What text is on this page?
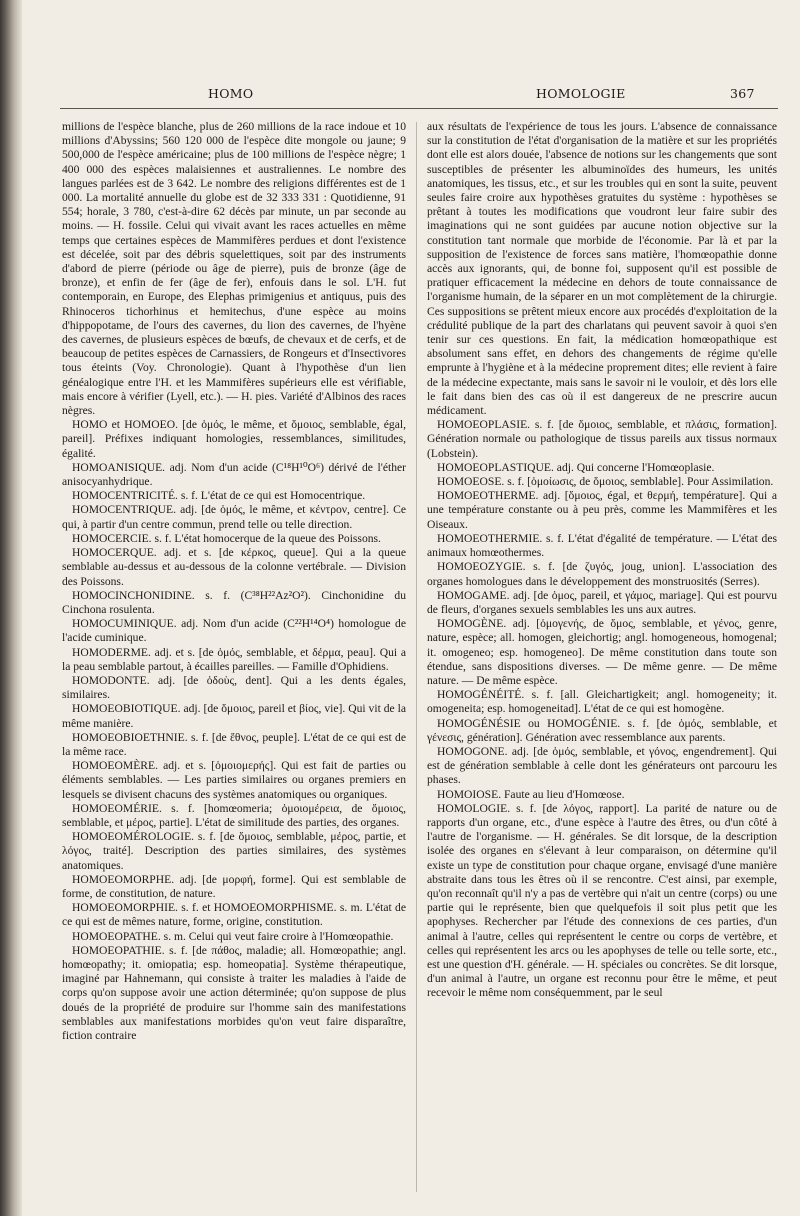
HOMO	HOMOLOGIE	367

millions de l'espèce blanche, plus de 260 millions de la race indoue et 10 millions d'Abyssins; 560 120 000 de l'espèce dite mongole ou jaune; 9 500,000 de l'espèce américaine; plus de 100 millions de l'espèce nègre; 1 400 000 des espèces malaisiennes et australiennes. Le nombre des langues parlées est de 3 642. Le nombre des religions différentes est de 1 000. La mortalité annuelle du globe est de 32 333 331 : Quotidienne, 91 554; horale, 3 780, c'est-à-dire 62 décès par minute, un par seconde au moins. — H. fossile. Celui qui vivait avant les races actuelles en même temps que certaines espèces de Mammifères perdues et dont l'existence est décelée, soit par des débris squelettiques, soit par des instruments d'abord de pierre (période ou âge de pierre), puis de bronze (âge de bronze), et enfin de fer (âge de fer), enfouis dans le sol. L'H. fut contemporain, en Europe, des Elephas primigenius et antiquus, puis des Rhinoceros tichorhinus et hemitechus, d'une espèce au moins d'hippopotame, de l'ours des cavernes, du lion des cavernes, de l'hyène des cavernes, de plusieurs espèces de bœufs, de chevaux et de cerfs, et de beaucoup de petites espèces de Carnassiers, de Rongeurs et d'Insectivores tous éteints (Voy. Chronologie). Quant à l'hypothèse d'un lien généalogique entre l'H. et les Mammifères supérieurs elle est vérifiable, mais encore à vérifier (Lyell, etc.). — H. pies. Variété d'Albinos des races nègres.

HOMO et HOMOEO. [de ὁμός, le même, et ὅμοιος, semblable, égal, pareil]. Préfixes indiquant homologies, ressemblances, similitudes, égalité.

HOMOANISIQUE. adj. Nom d'un acide (C¹⁸H¹⁰O⁶) dérivé de l'éther anisocyanhydrique.

HOMOCENTRICITÉ. s. f. L'état de ce qui est Homocentrique.

HOMOCENTRIQUE. adj. [de ὁμός, le même, et κέντρον, centre]. Ce qui, à partir d'un centre commun, prend telle ou telle direction.

HOMOCERCIE. s. f. L'état homocerque de la queue des Poissons.

HOMOCERQUE. adj. et s. [de κέρκος, queue]. Qui a la queue semblable au-dessus et au-dessous de la colonne vertébrale. — Division des Poissons.

HOMOCINCHONIDINE. s. f. (C³⁸H²²Az²O²). Cinchonidine du Cinchona rosulenta.

HOMOCUMINIQUE. adj. Nom d'un acide (C²²H¹⁴O⁴) homologue de l'acide cuminique.

HOMODERME. adj. et s. [de ὁμός, semblable, et δέρμα, peau]. Qui a la peau semblable partout, à écailles pareilles. — Famille d'Ophidiens.

HOMODONTE. adj. [de ὀδοὺς, dent]. Qui a les dents égales, similaires.

HOMOEOBIOTIQUE. adj. [de ὅμοιος, pareil et βίος, vie]. Qui vit de la même manière.

HOMOEOBIOETHNIE. s. f. [de ἔθνος, peuple]. L'état de ce qui est de la même race.

HOMOEOMÈRE. adj. et s. [ὁμοιομερής]. Qui est fait de parties ou éléments semblables. — Les parties similaires ou organes premiers en lesquels se divisent chacuns des systèmes anatomiques ou organiques.

HOMOEOMÉRIE. s. f. [homœomeria; ὁμοιομέρεια, de ὅμοιος, semblable, et μέρος, partie]. L'état de similitude des parties, des organes.

HOMOEOMÉROLOGIE. s. f. [de ὅμοιος, semblable, μέρος, partie, et λόγος, traité]. Description des parties similaires, des systèmes anatomiques.

HOMOEOMORPHE. adj. [de μορφή, forme]. Qui est semblable de forme, de constitution, de nature.

HOMOEOMORPHIE. s. f. et HOMOEOMORPHISME. s. m. L'état de ce qui est de mêmes nature, forme, origine, constitution.

HOMOEOPATHE. s. m. Celui qui veut faire croire à l'Homœopathie.

HOMOEOPATHIE. s. f. [de πάθος, maladie; all. Homœopathie; angl. homœopathy; it. omiopatia; esp. homeopatia]. Système thérapeutique, imaginé par Hahnemann, qui consiste à traiter les maladies à l'aide de corps qu'on suppose avoir une action déterminée; qu'on suppose de plus doués de la propriété de produire sur l'homme sain des manifestations semblables aux manifestations morbides qu'on veut faire disparaître, fiction contraire

aux résultats de l'expérience de tous les jours. L'absence de connaissance sur la constitution de l'état d'organisation de la matière et sur les propriétés dont elle est alors douée, l'absence de notions sur les changements que sont susceptibles de présenter les albuminoïdes des humeurs, les unités anatomiques, les tissus, etc., et sur les troubles qui en sont la suite, peuvent seules faire croire aux hypothèses gratuites du système : hypothèses se prêtant à toutes les modifications que voudront leur faire subir des imaginations qui ne sont guidées par aucune notion objective sur la constitution tant normale que morbide de l'économie. Par là et par la supposition de l'existence de forces sans matière, l'homœopathie donne accès aux ignorants, qui, de bonne foi, supposent qu'il est possible de pratiquer efficacement la médecine en dehors de toute connaissance de l'organisme humain, de la séparer en un mot complètement de la chirurgie. Ces suppositions se prêtent mieux encore aux procédés d'exploitation de la crédulité publique de la part des charlatans qui peuvent savoir à quoi s'en tenir sur ces questions. En fait, la médication homœopathique est absolument sans effet, en dehors des changements de régime qu'elle emprunte à l'hygiène et à la médecine proprement dites; elle revient à faire de la médecine expectante, mais sans le savoir ni le vouloir, et dès lors elle le fait dans bien des cas où il est dangereux de ne prescrire aucun médicament.

HOMOEOPLASIE. s. f. [de ὅμοιος, semblable, et πλάσις, formation]. Génération normale ou pathologique de tissus pareils aux tissus normaux (Lobstein).

HOMOEOPLASTIQUE. adj. Qui concerne l'Homœoplasie.

HOMOEOSE. s. f. [ὁμοίωσις, de ὅμοιος, semblable]. Pour Assimilation.

HOMOEOTHERME. adj. [ὅμοιος, égal, et θερμή, température]. Qui a une température constante ou à peu près, comme les Mammifères et les Oiseaux.

HOMOEOTHERMIE. s. f. L'état d'égalité de température. — L'état des animaux homœothermes.

HOMOEOZYGIE. s. f. [de ζυγός, joug, union]. L'association des organes homologues dans le développement des monstruosités (Serres).

HOMOGAME. adj. [de ὁμος, pareil, et γάμος, mariage]. Qui est pourvu de fleurs, d'organes sexuels semblables les uns aux autres.

HOMOGÈNE. adj. [ὁμογενής, de ὅμος, semblable, et γένος, genre, nature, espèce; all. homogen, gleichortig; angl. homogeneous, homogenal; it. omogeneo; esp. homogeneo]. De même constitution dans toute son étendue, sans dispositions diverses. — De même genre. — De même nature. — De même espèce.

HOMOGÉNÉITÉ. s. f. [all. Gleichartigkeit; angl. homogeneity; it. omogeneita; esp. homogeneitad]. L'état de ce qui est homogène.

HOMOGÉNÉSIE ou HOMOGÉNIE. s. f. [de ὁμός, semblable, et γένεσις, génération]. Génération avec ressemblance aux parents.

HOMOGONE. adj. [de ὁμός, semblable, et γόνος, engendrement]. Qui est de génération semblable à celle dont les générateurs ont parcouru les phases.

HOMOIOSE. Faute au lieu d'Homœose.

HOMOLOGIE. s. f. [de λόγος, rapport]. La parité de nature ou de rapports d'un organe, etc., d'une espèce à l'autre des êtres, ou d'un côté à l'autre de l'organisme. — H. générales. Se dit lorsque, de la description isolée des organes en s'élevant à leur comparaison, on détermine qu'il existe un type de constitution pour chaque organe, envisagé d'une manière abstraite dans tous les êtres où il se rencontre. C'est ainsi, par exemple, qu'on reconnaît qu'il n'y a pas de vertèbre qui n'ait un centre (corps) ou une partie qui le représente, bien que quelquefois il soit plus petit que les apophyses. Rechercher par l'étude des connexions de ces parties, d'un animal à l'autre, celles qui représentent le centre ou corps de vertèbre, et celles qui représentent les arcs ou les apophyses de telle ou telle sorte, etc., est une question d'H. générale. — H. spéciales ou concrètes. Se dit lorsque, d'un animal à l'autre, un organe est reconnu pour être le même, et peut recevoir le même nom conséquemment, par le seul
